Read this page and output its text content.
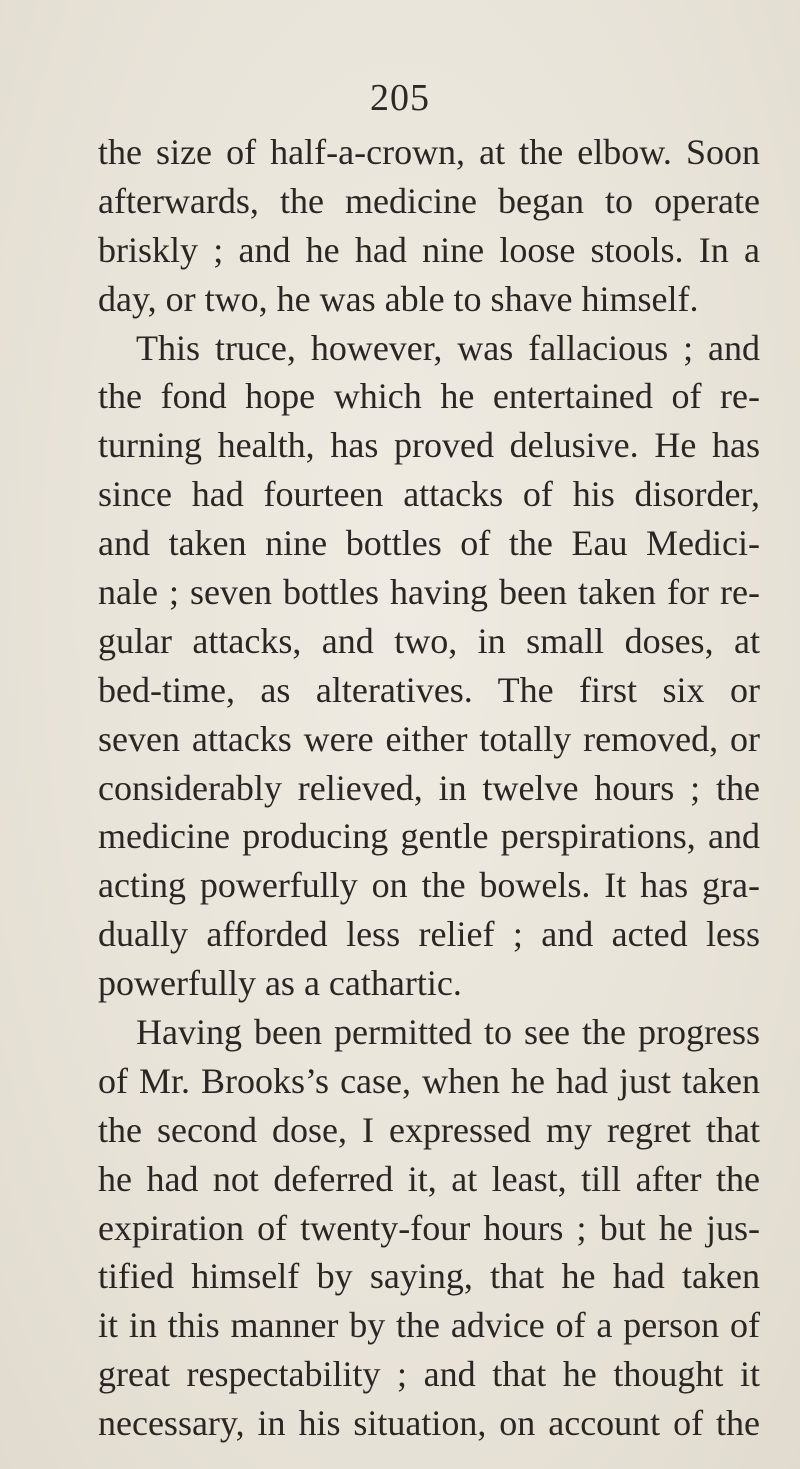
205
the size of half-a-crown, at the elbow. Soon
afterwards, the medicine began to operate
briskly ; and he had nine loose stools. In a
day, or two, he was able to shave himself.
This truce, however, was fallacious ; and
the fond hope which he entertained of re-
turning health, has proved delusive. He has
since had fourteen attacks of his disorder,
and taken nine bottles of the Eau Medici-
nale ; seven bottles having been taken for re-
gular attacks, and two, in small doses, at
bed-time, as alteratives. The first six or
seven attacks were either totally removed, or
considerably relieved, in twelve hours ; the
medicine producing gentle perspirations, and
acting powerfully on the bowels. It has gra-
dually afforded less relief ; and acted less
powerfully as a cathartic.
Having been permitted to see the progress
of Mr. Brooks’s case, when he had just taken
the second dose, I expressed my regret that
he had not deferred it, at least, till after the
expiration of twenty-four hours ; but he jus-
tified himself by saying, that he had taken
it in this manner by the advice of a person of
great respectability ; and that he thought it
necessary, in his situation, on account of the
